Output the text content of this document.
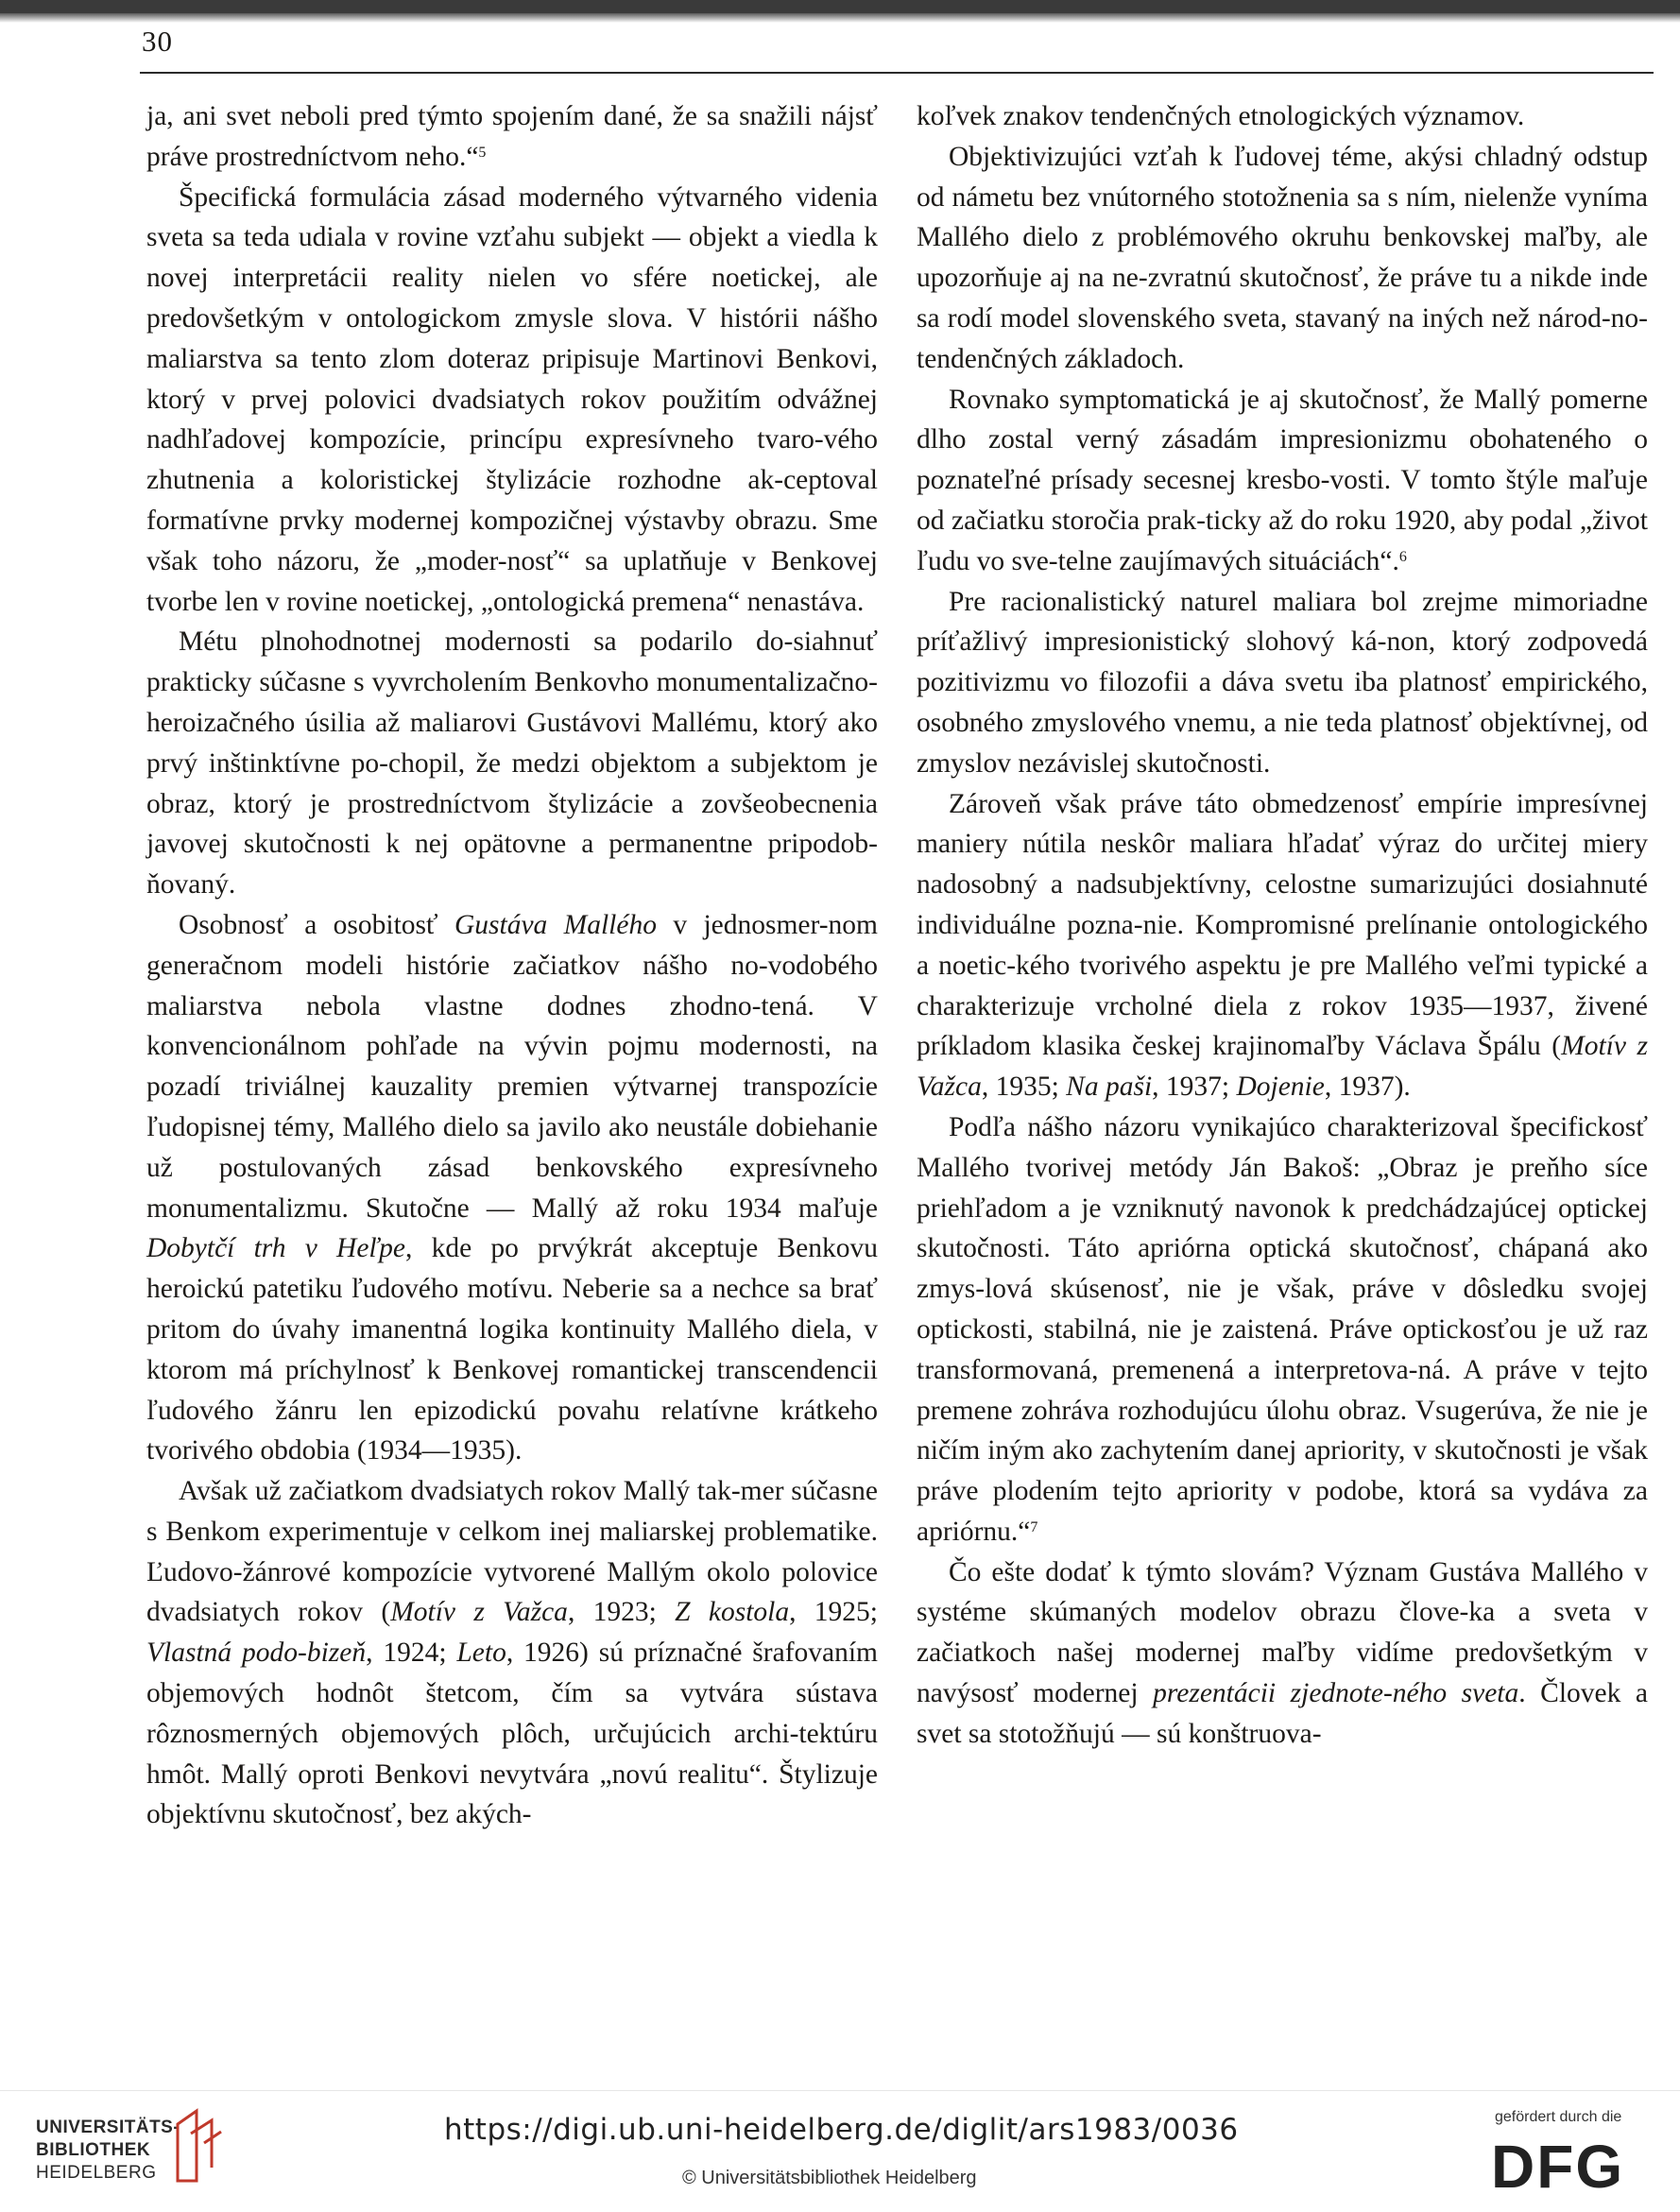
30

ja, ani svet neboli pred týmto spojením dané, že sa snažili nájsť práve prostredníctvom neho.“$^5$

Špecifická formulácia zásad moderného výtvarného videnia sveta sa teda udiala v rovine vzťahu subjekt — objekt a viedla k novej interpretácii reality nielen vo sfére noetickej, ale predovšetkým v ontologickom zmysle slova. V histórii nášho maliarstva sa tento zlom doteraz pripisuje Martinovi Benkovi, ktorý v prvej polovici dvadsiatych rokov použitím odvážnej nadhľadovej kompozície, princípu expresívneho tvaro-vého zhutnenia a koloristickej štylizácie rozhodne ak-ceptoval formatívne prvky modernej kompozičnej výstavby obrazu. Sme však toho názoru, že „moder-nosť“ sa uplatňuje v Benkovej tvorbe len v rovine noetickej, „ontologická premena“ nenastáva.

Métu plnohodnotnej modernosti sa podarilo do-siahnuť prakticky súčasne s vyvrcholením Benkovho monumentalizačno-heroizačného úsilia až maliarovi Gustávovi Mallému, ktorý ako prvý inštinktívne po-chopil, že medzi objektom a subjektom je obraz, ktorý je prostredníctvom štylizácie a zovšeobecnenia javovej skutočnosti k nej opätovne a permanentne pripodob-ňovaný.

Osobnosť a osobitosť Gustáva Mallého v jednosmer-nom generačnom modeli histórie začiatkov nášho no-vodobého maliarstva nebola vlastne dodnes zhodno-tená. V konvencionálnom pohľade na vývin pojmu modernosti, na pozadí triviálnej kauzality premien výtvarnej transpozície ľudopisnej témy, Mallého dielo sa javilo ako neustále dobiehanie už postulovaných zásad benkovského expresívneho monumentalizmu. Skutočne — Mallý až roku 1934 maľuje Dobytčí trh v Heľpe, kde po prvýkrát akceptuje Benkovu heroickú patetiku ľudového motívu. Neberie sa a nechce sa brať pritom do úvahy imanentná logika kontinuity Mallého diela, v ktorom má príchylnosť k Benkovej romantickej transcendencii ľudového žánru len epizodickú povahu relatívne krátkeho tvorivého obdobia (1934—1935).

Avšak už začiatkom dvadsiatych rokov Mallý tak-mer súčasne s Benkom experimentuje v celkom inej maliarskej problematike. Ľudovo-žánrové kompozície vytvorené Mallým okolo polovice dvadsiatych rokov (Motív z Važca, 1923; Z kostola, 1925; Vlastná podo-bizeň, 1924; Leto, 1926) sú príznačné šrafovaním objemových hodnôt štetcom, čím sa vytvára sústava rôznosmerných objemových plôch, určujúcich archi-tektúru hmôt. Mallý oproti Benkovi nevytvára „novú realitu“. Štylizuje objektívnu skutočnosť, bez akých-

koľvek znakov tendenčných etnologických významov.

Objektivizujúci vzťah k ľudovej téme, akýsi chladný odstup od námetu bez vnútorného stotožnenia sa s ním, nielenže vyníma Mallého dielo z problémového okruhu benkovskej maľby, ale upozorňuje aj na ne-zvratnú skutočnosť, že práve tu a nikde inde sa rodí model slovenského sveta, stavaný na iných než národ-no-tendenčných základoch.

Rovnako symptomatická je aj skutočnosť, že Mallý pomerne dlho zostal verný zásadám impresionizmu obohateného o poznateľné prísady secesnej kresbo-vosti. V tomto štýle maľuje od začiatku storočia prak-ticky až do roku 1920, aby podal „život ľudu vo sve-telne zaujímavých situáciách“.$^6$

Pre racionalistický naturel maliara bol zrejme mimoriadne príťažlivý impresionistický slohový ká-non, ktorý zodpovedá pozitivizmu vo filozofii a dáva svetu iba platnosť empirického, osobného zmyslového vnemu, a nie teda platnosť objektívnej, od zmyslov nezávislej skutočnosti.

Zároveň však práve táto obmedzenosť empírie impresívnej maniery nútila neskôr maliara hľadať výraz do určitej miery nadosobný a nadsubjektívny, celostne sumarizujúci dosiahnuté individuálne pozna-nie. Kompromisné prelínanie ontologického a noetic-kého tvorivého aspektu je pre Mallého veľmi typické a charakterizuje vrcholné diela z rokov 1935—1937, živené príkladom klasika českej krajinomaľby Václava Špálu (Motív z Važca, 1935; Na paši, 1937; Dojenie, 1937).

Podľa nášho názoru vynikajúco charakterizoval špecifickosť Mallého tvorivej metódy Ján Bakoš: „Obraz je preňho síce priehľadom a je vzniknutý navonok k predchádzajúcej optickej skutočnosti. Táto apriórna optická skutočnosť, chápaná ako zmys-lová skúsenosť, nie je však, práve v dôsledku svojej optickosti, stabilná, nie je zaistená. Práve optickosťou je už raz transformovaná, premenená a interpretova-ná. A práve v tejto premene zohráva rozhodujúcu úlohu obraz. Vsugerúva, že nie je ničím iným ako zachytením danej apriority, v skutočnosti je však práve plodením tejto apriority v podobe, ktorá sa vydáva za apriórnu.“$^7$

Čo ešte dodať k týmto slovám? Význam Gustáva Mallého v systéme skúmaných modelov obrazu člove-ka a sveta v začiatkoch našej modernej maľby vidíme predovšetkým v navýsosť modernej prezentácii zjednote-ného sveta. Človek a svet sa stotožňujú — sú konštruova-

UNIVERSITÄTS-
BIBLIOTHEK
HEIDELBERG
https://digi.ub.uni-heidelberg.de/diglit/ars1983/0036
© Universitätsbibliothek Heidelberg
gefördert durch die
DFG
